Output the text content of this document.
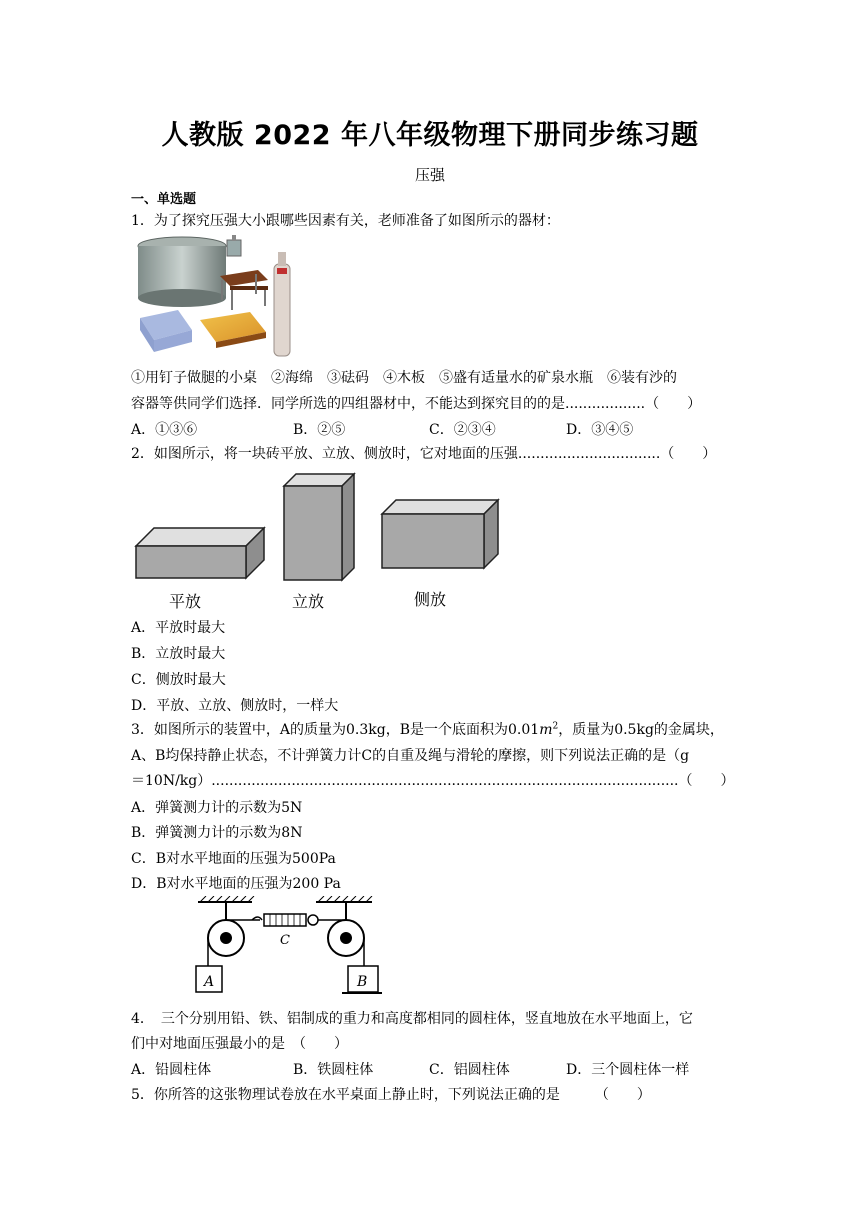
人教版 2022 年八年级物理下册同步练习题
压强
一、单选题
1．为了探究压强大小跟哪些因素有关，老师准备了如图所示的器材：
①用钉子做腿的小桌　②海绵　③砝码　④木板　⑤盛有适量水的矿泉水瓶　⑥装有沙的
容器等供同学们选择．同学所选的四组器材中，不能达到探究目的的是..................（　　）
A．①③⑥	B．②⑤	C．②③④	D．③④⑤
2．如图所示，将一块砖平放、立放、侧放时，它对地面的压强................................（　　）
平放	立放	侧放
A．平放时最大
B．立放时最大
C．侧放时最大
D．平放、立放、侧放时，一样大
3．如图所示的装置中，A的质量为0.3kg，B是一个底面积为$0.01m^2$，质量为0.5kg的金属块，
A、B均保持静止状态，不计弹簧力计C的自重及绳与滑轮的摩擦，则下列说法正确的是（g
＝10N/kg）.........................................................................................................（　　）
A．弹簧测力计的示数为5N
B．弹簧测力计的示数为8N
C．B对水平地面的压强为500Pa
D．B对水平地面的压强为200 Pa
A
C
B
4．　三个分别用铅、铁、铝制成的重力和高度都相同的圆柱体，竖直地放在水平地面上，它
们中对地面压强最小的是　（　　）
A．铅圆柱体	B．铁圆柱体	C．铝圆柱体	D．三个圆柱体一样
5．你所答的这张物理试卷放在水平桌面上静止时，下列说法正确的是　　　（　　）
